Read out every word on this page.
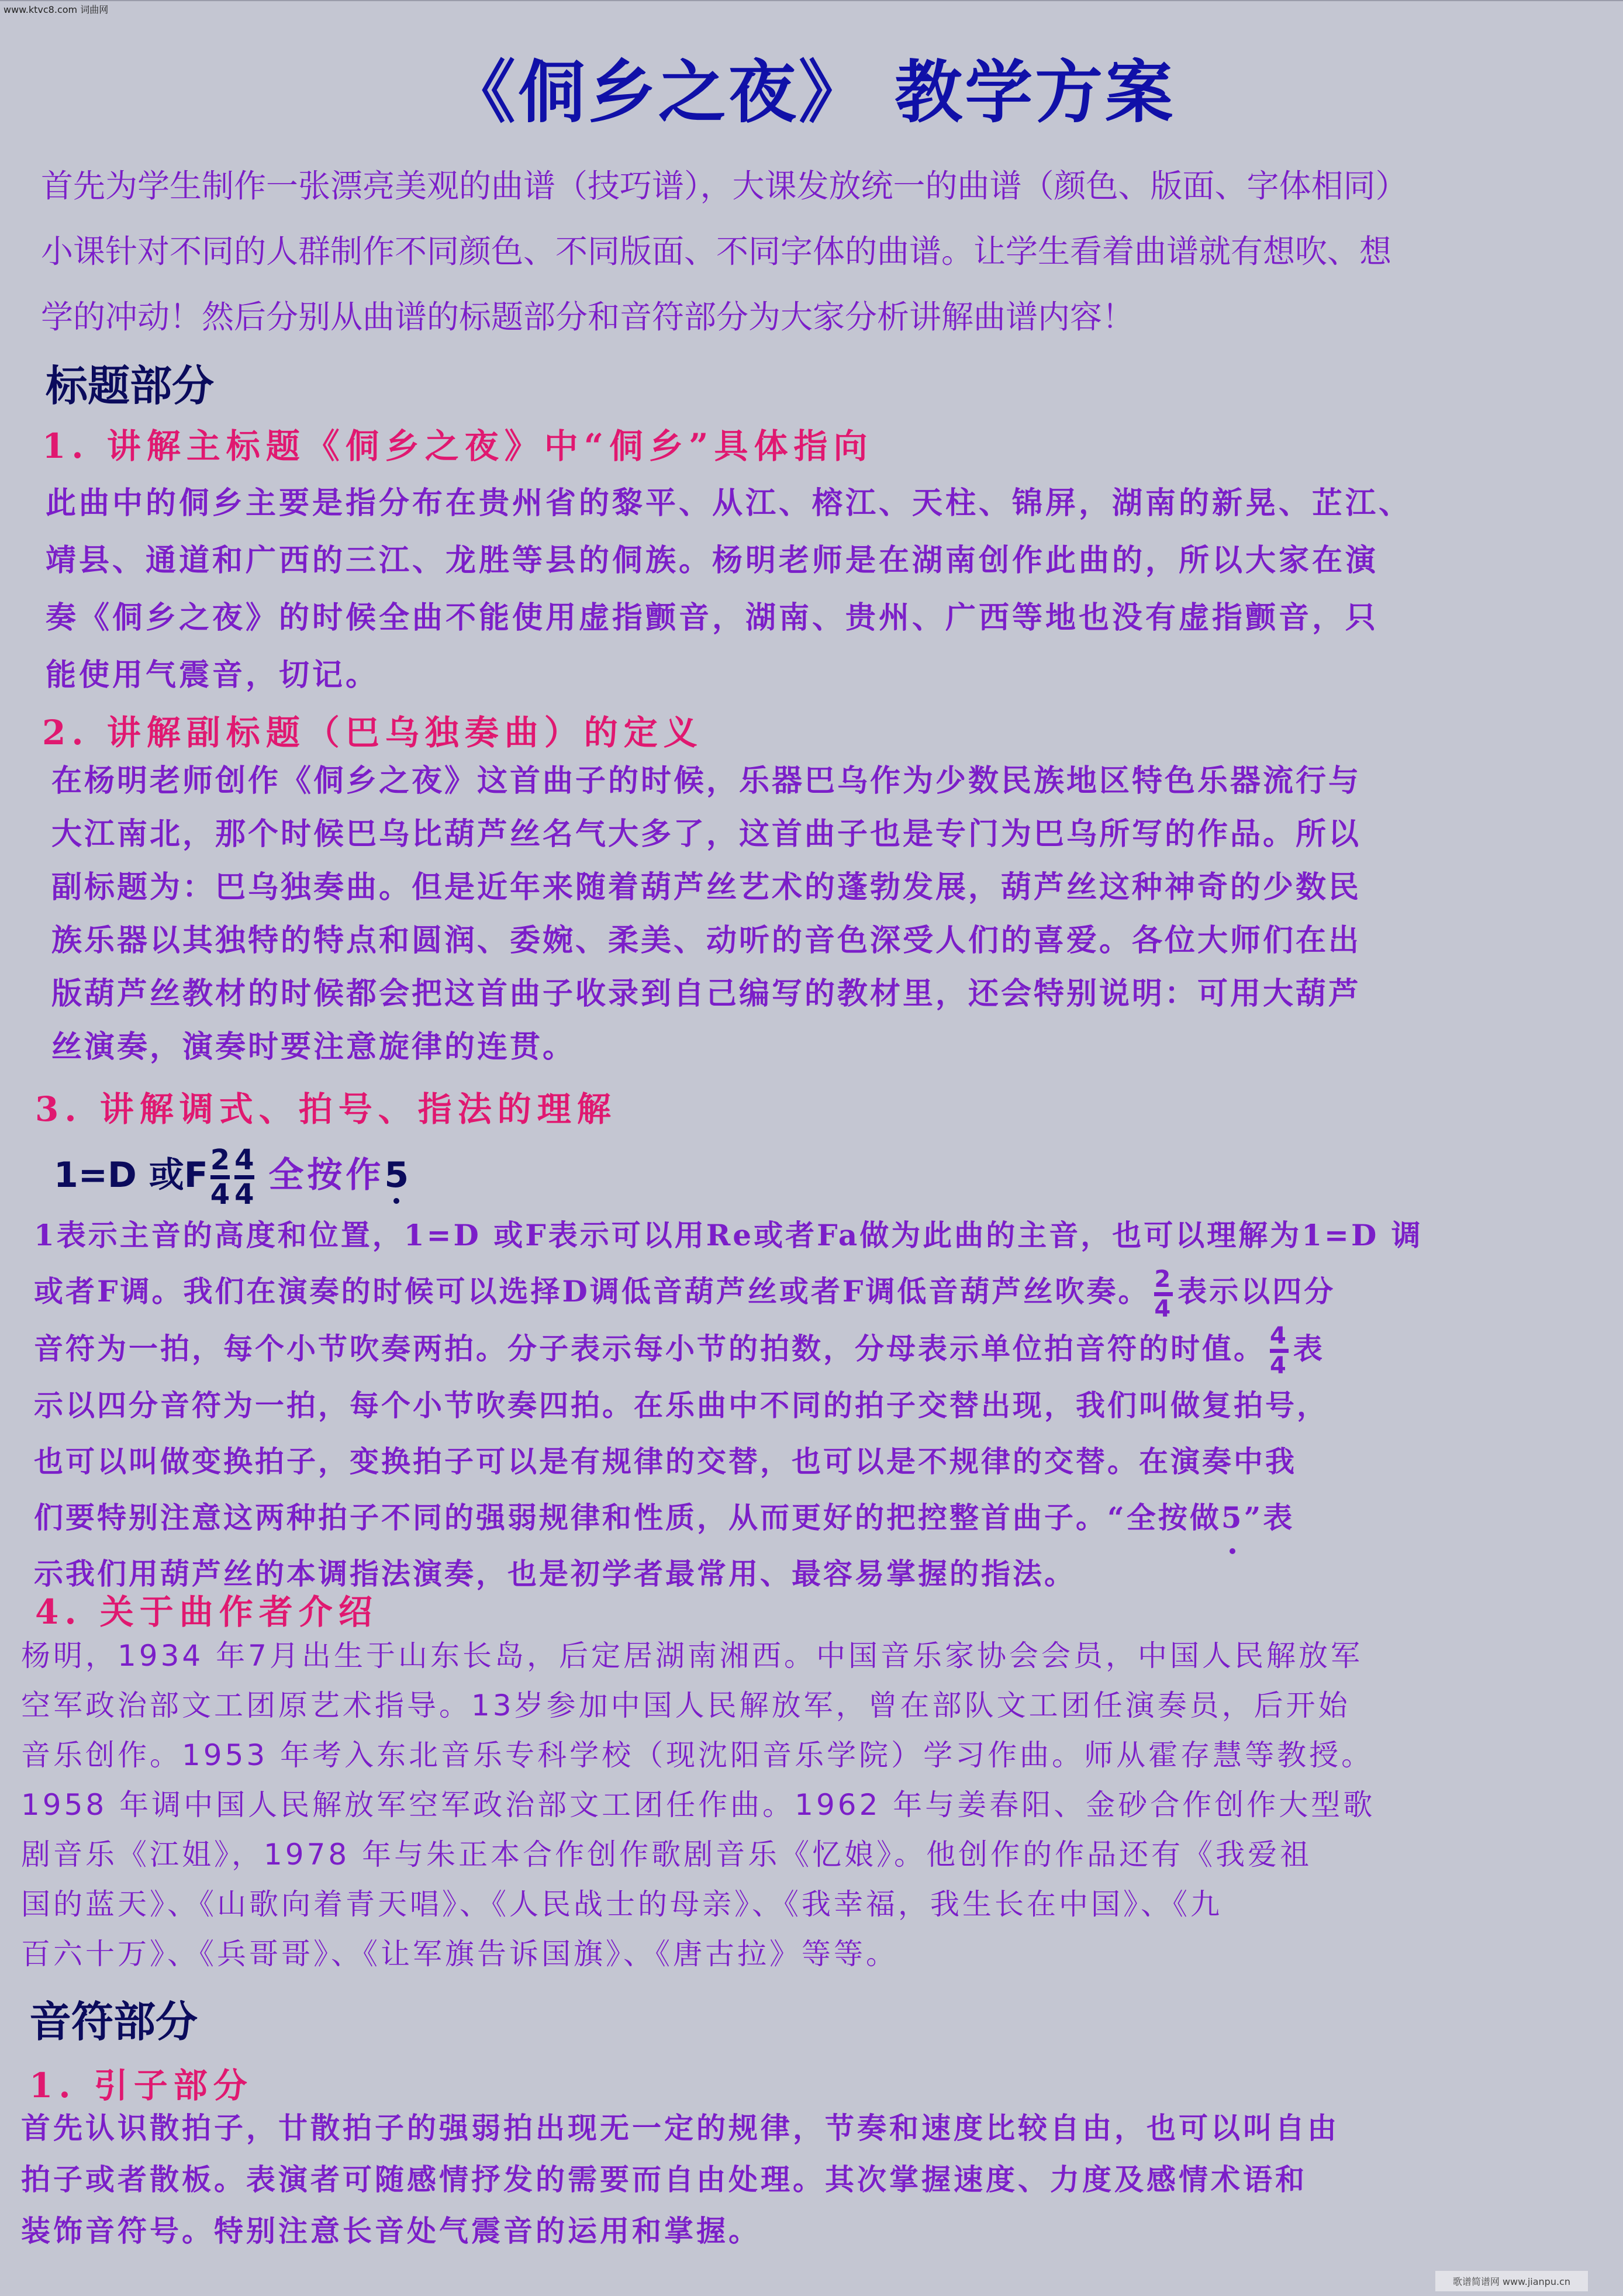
www.ktvc8.com 词曲网
《侗乡之夜》 教学方案

首先为学生制作一张漂亮美观的曲谱（技巧谱），大课发放统一的曲谱（颜色、版面、字体相同）

小课针对不同的人群制作不同颜色、不同版面、不同字体的曲谱。让学生看着曲谱就有想吹、想

学的冲动！然后分别从曲谱的标题部分和音符部分为大家分析讲解曲谱内容！

标题部分
1. 讲解主标题《侗乡之夜》中“侗乡”具体指向

此曲中的侗乡主要是指分布在贵州省的黎平、从江、榕江、天柱、锦屏，湖南的新晃、芷江、

靖县、通道和广西的三江、龙胜等县的侗族。杨明老师是在湖南创作此曲的，所以大家在演

奏《侗乡之夜》的时候全曲不能使用虚指颤音，湖南、贵州、广西等地也没有虚指颤音，只

能使用气震音，切记。

2. 讲解副标题（巴乌独奏曲）的定义

在杨明老师创作《侗乡之夜》这首曲子的时候，乐器巴乌作为少数民族地区特色乐器流行与

大江南北，那个时候巴乌比葫芦丝名气大多了，这首曲子也是专门为巴乌所写的作品。所以

副标题为：巴乌独奏曲。但是近年来随着葫芦丝艺术的蓬勃发展，葫芦丝这种神奇的少数民

族乐器以其独特的特点和圆润、委婉、柔美、动听的音色深受人们的喜爱。各位大师们在出

版葫芦丝教材的时候都会把这首曲子收录到自己编写的教材里，还会特别说明：可用大葫芦

丝演奏，演奏时要注意旋律的连贯。

3. 讲解调式、拍号、指法的理解
1=D 或F $\frac{2}{4} \frac{4}{4}$ 全按作5

1表示主音的高度和位置，1=D 或F表示可以用Re或者Fa做为此曲的主音，也可以理解为1=D 调

或者F调。我们在演奏的时候可以选择D调低音葫芦丝或者F调低音葫芦丝吹奏。 $\frac{2}{4}$ 表示以四分

音符为一拍，每个小节吹奏两拍。分子表示每小节的拍数，分母表示单位拍音符的时值。 $\frac{4}{4}$ 表

示以四分音符为一拍，每个小节吹奏四拍。在乐曲中不同的拍子交替出现，我们叫做复拍号，

也可以叫做变换拍子，变换拍子可以是有规律的交替，也可以是不规律的交替。在演奏中我

们要特别注意这两种拍子不同的强弱规律和性质，从而更好的把控整首曲子。“全按做5”表

示我们用葫芦丝的本调指法演奏，也是初学者最常用、最容易掌握的指法。

4. 关于曲作者介绍

杨明，1934 年7月出生于山东长岛，后定居湖南湘西。中国音乐家协会会员，中国人民解放军

空军政治部文工团原艺术指导。13岁参加中国人民解放军，曾在部队文工团任演奏员，后开始

音乐创作。1953 年考入东北音乐专科学校（现沈阳音乐学院）学习作曲。师从霍存慧等教授。

1958 年调中国人民解放军空军政治部文工团任作曲。1962 年与姜春阳、金砂合作创作大型歌

剧音乐《江姐》，1978 年与朱正本合作创作歌剧音乐《忆娘》。他创作的作品还有《我爱祖

国的蓝天》、《山歌向着青天唱》、《人民战士的母亲》、《我幸福，我生长在中国》、《九

百六十万》、《兵哥哥》、《让军旗告诉国旗》、《唐古拉》等等。

音符部分
1. 引子部分

首先认识散拍子，廿散拍子的强弱拍出现无一定的规律，节奏和速度比较自由，也可以叫自由

拍子或者散板。表演者可随感情抒发的需要而自由处理。其次掌握速度、力度及感情术语和

装饰音符号。特别注意长音处气震音的运用和掌握。

歌谱简谱网 www.jianpu.cn
